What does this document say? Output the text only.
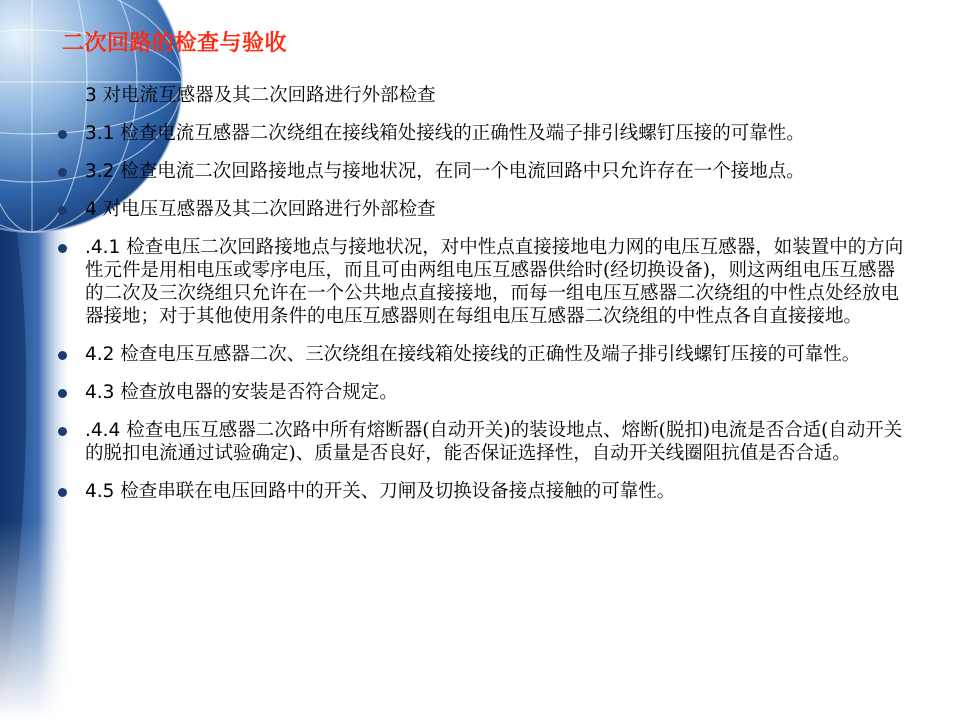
二次回路的检查与验收
3 对电流互感器及其二次回路进行外部检查
3.1 检查电流互感器二次绕组在接线箱处接线的正确性及端子排引线螺钉压接的可靠性。
3.2 检查电流二次回路接地点与接地状况，在同一个电流回路中只允许存在一个接地点。
4 对电压互感器及其二次回路进行外部检查
.4.1 检查电压二次回路接地点与接地状况，对中性点直接接地电力网的电压互感器，如装置中的方向性元件是用相电压或零序电压，而且可由两组电压互感器供给时(经切换设备)，则这两组电压互感器的二次及三次绕组只允许在一个公共地点直接接地，而每一组电压互感器二次绕组的中性点处经放电器接地；对于其他使用条件的电压互感器则在每组电压互感器二次绕组的中性点各自直接接地。
4.2 检查电压互感器二次、三次绕组在接线箱处接线的正确性及端子排引线螺钉压接的可靠性。
4.3 检查放电器的安装是否符合规定。
.4.4 检查电压互感器二次路中所有熔断器(自动开关)的装设地点、熔断(脱扣)电流是否合适(自动开关的脱扣电流通过试验确定)、质量是否良好，能否保证选择性，自动开关线圈阻抗值是否合适。
4.5 检查串联在电压回路中的开关、刀闸及切换设备接点接触的可靠性。
